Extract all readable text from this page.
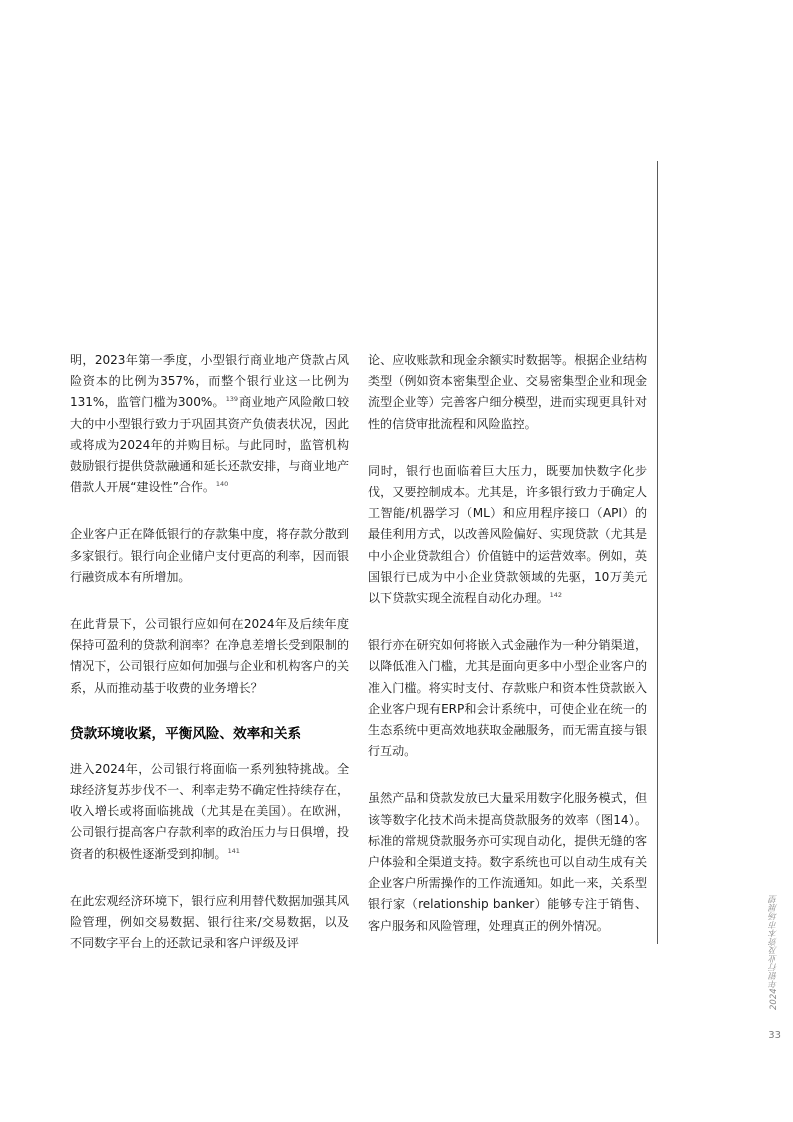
明，2023年第一季度，小型银行商业地产贷款占风险资本的比例为357%，而整个银行业这一比例为131%，监管门槛为300%。$^{139}$商业地产风险敞口较大的中小型银行致力于巩固其资产负债表状况，因此或将成为2024年的并购目标。与此同时，监管机构鼓励银行提供贷款融通和延长还款安排，与商业地产借款人开展“建设性”合作。$^{140}$

企业客户正在降低银行的存款集中度，将存款分散到多家银行。银行向企业储户支付更高的利率，因而银行融资成本有所增加。

在此背景下，公司银行应如何在2024年及后续年度保持可盈利的贷款利润率？在净息差增长受到限制的情况下，公司银行应如何加强与企业和机构客户的关系，从而推动基于收费的业务增长？

贷款环境收紧，平衡风险、效率和关系

进入2024年，公司银行将面临一系列独特挑战。全球经济复苏步伐不一、利率走势不确定性持续存在，收入增长或将面临挑战（尤其是在美国）。在欧洲，公司银行提高客户存款利率的政治压力与日俱增，投资者的积极性逐渐受到抑制。$^{141}$

在此宏观经济环境下，银行应利用替代数据加强其风险管理，例如交易数据、银行往来/交易数据，以及不同数字平台上的还款记录和客户评级及评

论、应收账款和现金余额实时数据等。根据企业结构类型（例如资本密集型企业、交易密集型企业和现金流型企业等）完善客户细分模型，进而实现更具针对性的信贷审批流程和风险监控。

同时，银行也面临着巨大压力，既要加快数字化步伐，又要控制成本。尤其是，许多银行致力于确定人工智能/机器学习（ML）和应用程序接口（API）的最佳利用方式，以改善风险偏好、实现贷款（尤其是中小企业贷款组合）价值链中的运营效率。例如，英国银行已成为中小企业贷款领域的先驱，10万美元以下贷款实现全流程自动化办理。$^{142}$

银行亦在研究如何将嵌入式金融作为一种分销渠道，以降低准入门槛，尤其是面向更多中小型企业客户的准入门槛。将实时支付、存款账户和资本性贷款嵌入企业客户现有ERP和会计系统中，可使企业在统一的生态系统中更高效地获取金融服务，而无需直接与银行互动。

虽然产品和贷款发放已大量采用数字化服务模式，但该等数字化技术尚未提高贷款服务的效率（图14）。标准的常规贷款服务亦可实现自动化，提供无缝的客户体验和全渠道支持。数字系统也可以自动生成有关企业客户所需操作的工作流通知。如此一来，关系型银行家（relationship banker）能够专注于销售、客户服务和风险管理，处理真正的例外情况。	2024年银行业及资本市场展望
33
